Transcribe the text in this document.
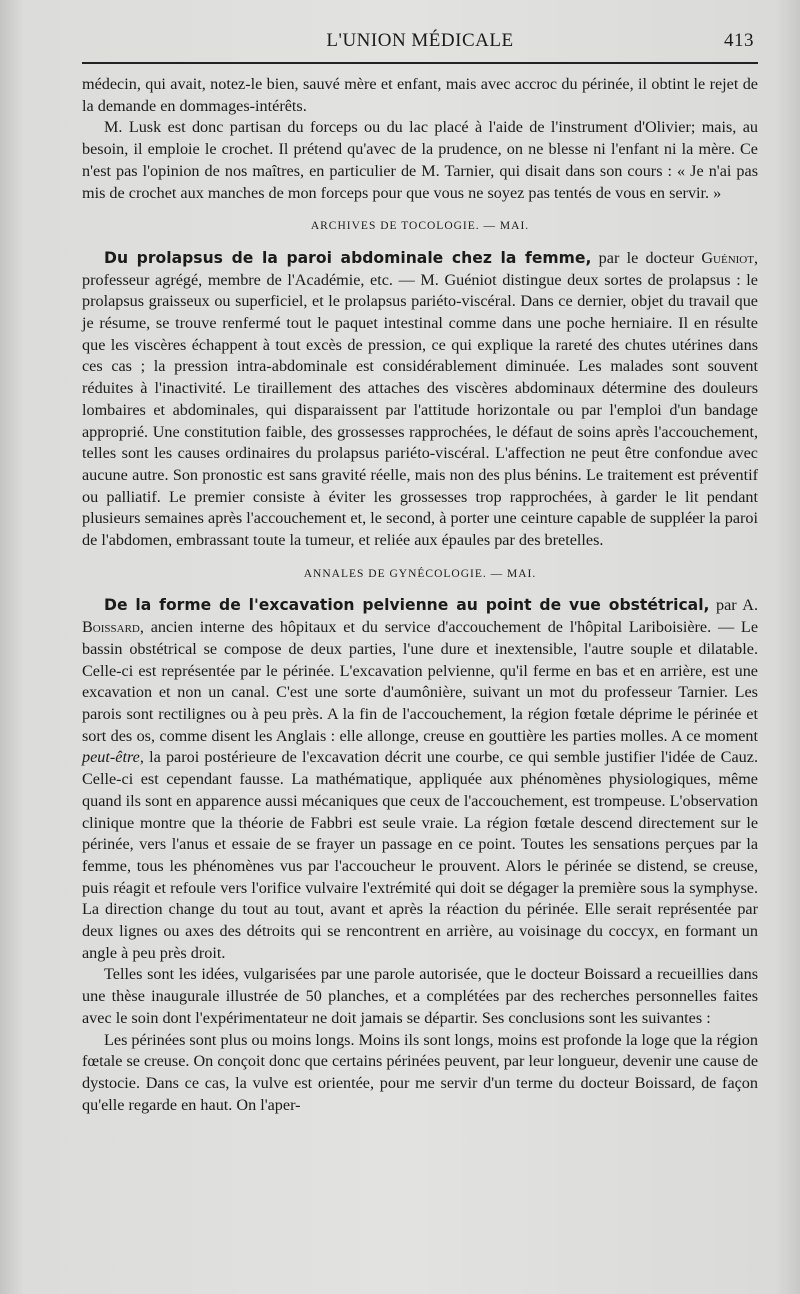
L'UNION MÉDICALE	413

médecin, qui avait, notez-le bien, sauvé mère et enfant, mais avec accroc du périnée, il obtint le rejet de la demande en dommages-intérêts.

M. Lusk est donc partisan du forceps ou du lac placé à l'aide de l'instrument d'Olivier; mais, au besoin, il emploie le crochet. Il prétend qu'avec de la prudence, on ne blesse ni l'enfant ni la mère. Ce n'est pas l'opinion de nos maîtres, en particulier de M. Tarnier, qui disait dans son cours : « Je n'ai pas mis de crochet aux manches de mon forceps pour que vous ne soyez pas tentés de vous en servir. »

ARCHIVES DE TOCOLOGIE. — MAI.

Du prolapsus de la paroi abdominale chez la femme, par le docteur Guéniot, professeur agrégé, membre de l'Académie, etc. — M. Guéniot distingue deux sortes de prolapsus : le prolapsus graisseux ou superficiel, et le prolapsus pariéto-viscéral. Dans ce dernier, objet du travail que je résume, se trouve renfermé tout le paquet intestinal comme dans une poche herniaire. Il en résulte que les viscères échappent à tout excès de pression, ce qui explique la rareté des chutes utérines dans ces cas ; la pression intra-abdominale est considérablement diminuée. Les malades sont souvent réduites à l'inactivité. Le tiraillement des attaches des viscères abdominaux détermine des douleurs lombaires et abdominales, qui disparaissent par l'attitude horizontale ou par l'emploi d'un bandage approprié. Une constitution faible, des grossesses rapprochées, le défaut de soins après l'accouchement, telles sont les causes ordinaires du prolapsus pariéto-viscéral. L'affection ne peut être confondue avec aucune autre. Son pronostic est sans gravité réelle, mais non des plus bénins. Le traitement est préventif ou palliatif. Le premier consiste à éviter les grossesses trop rapprochées, à garder le lit pendant plusieurs semaines après l'accouchement et, le second, à porter une ceinture capable de suppléer la paroi de l'abdomen, embrassant toute la tumeur, et reliée aux épaules par des bretelles.

ANNALES DE GYNÉCOLOGIE. — MAI.

De la forme de l'excavation pelvienne au point de vue obstétrical, par A. Boissard, ancien interne des hôpitaux et du service d'accouchement de l'hôpital Lariboisière. — Le bassin obstétrical se compose de deux parties, l'une dure et inextensible, l'autre souple et dilatable. Celle-ci est représentée par le périnée. L'excavation pelvienne, qu'il ferme en bas et en arrière, est une excavation et non un canal. C'est une sorte d'aumônière, suivant un mot du professeur Tarnier. Les parois sont rectilignes ou à peu près. A la fin de l'accouchement, la région fœtale déprime le périnée et sort des os, comme disent les Anglais : elle allonge, creuse en gouttière les parties molles. A ce moment peut-être, la paroi postérieure de l'excavation décrit une courbe, ce qui semble justifier l'idée de Cauz. Celle-ci est cependant fausse. La mathématique, appliquée aux phénomènes physiologiques, même quand ils sont en apparence aussi mécaniques que ceux de l'accouchement, est trompeuse. L'observation clinique montre que la théorie de Fabbri est seule vraie. La région fœtale descend directement sur le périnée, vers l'anus et essaie de se frayer un passage en ce point. Toutes les sensations perçues par la femme, tous les phénomènes vus par l'accoucheur le prouvent. Alors le périnée se distend, se creuse, puis réagit et refoule vers l'orifice vulvaire l'extrémité qui doit se dégager la première sous la symphyse. La direction change du tout au tout, avant et après la réaction du périnée. Elle serait représentée par deux lignes ou axes des détroits qui se rencontrent en arrière, au voisinage du coccyx, en formant un angle à peu près droit.

Telles sont les idées, vulgarisées par une parole autorisée, que le docteur Boissard a recueillies dans une thèse inaugurale illustrée de 50 planches, et a complétées par des recherches personnelles faites avec le soin dont l'expérimentateur ne doit jamais se départir. Ses conclusions sont les suivantes :

Les périnées sont plus ou moins longs. Moins ils sont longs, moins est profonde la loge que la région fœtale se creuse. On conçoit donc que certains périnées peuvent, par leur longueur, devenir une cause de dystocie. Dans ce cas, la vulve est orientée, pour me servir d'un terme du docteur Boissard, de façon qu'elle regarde en haut. On l'aper-
